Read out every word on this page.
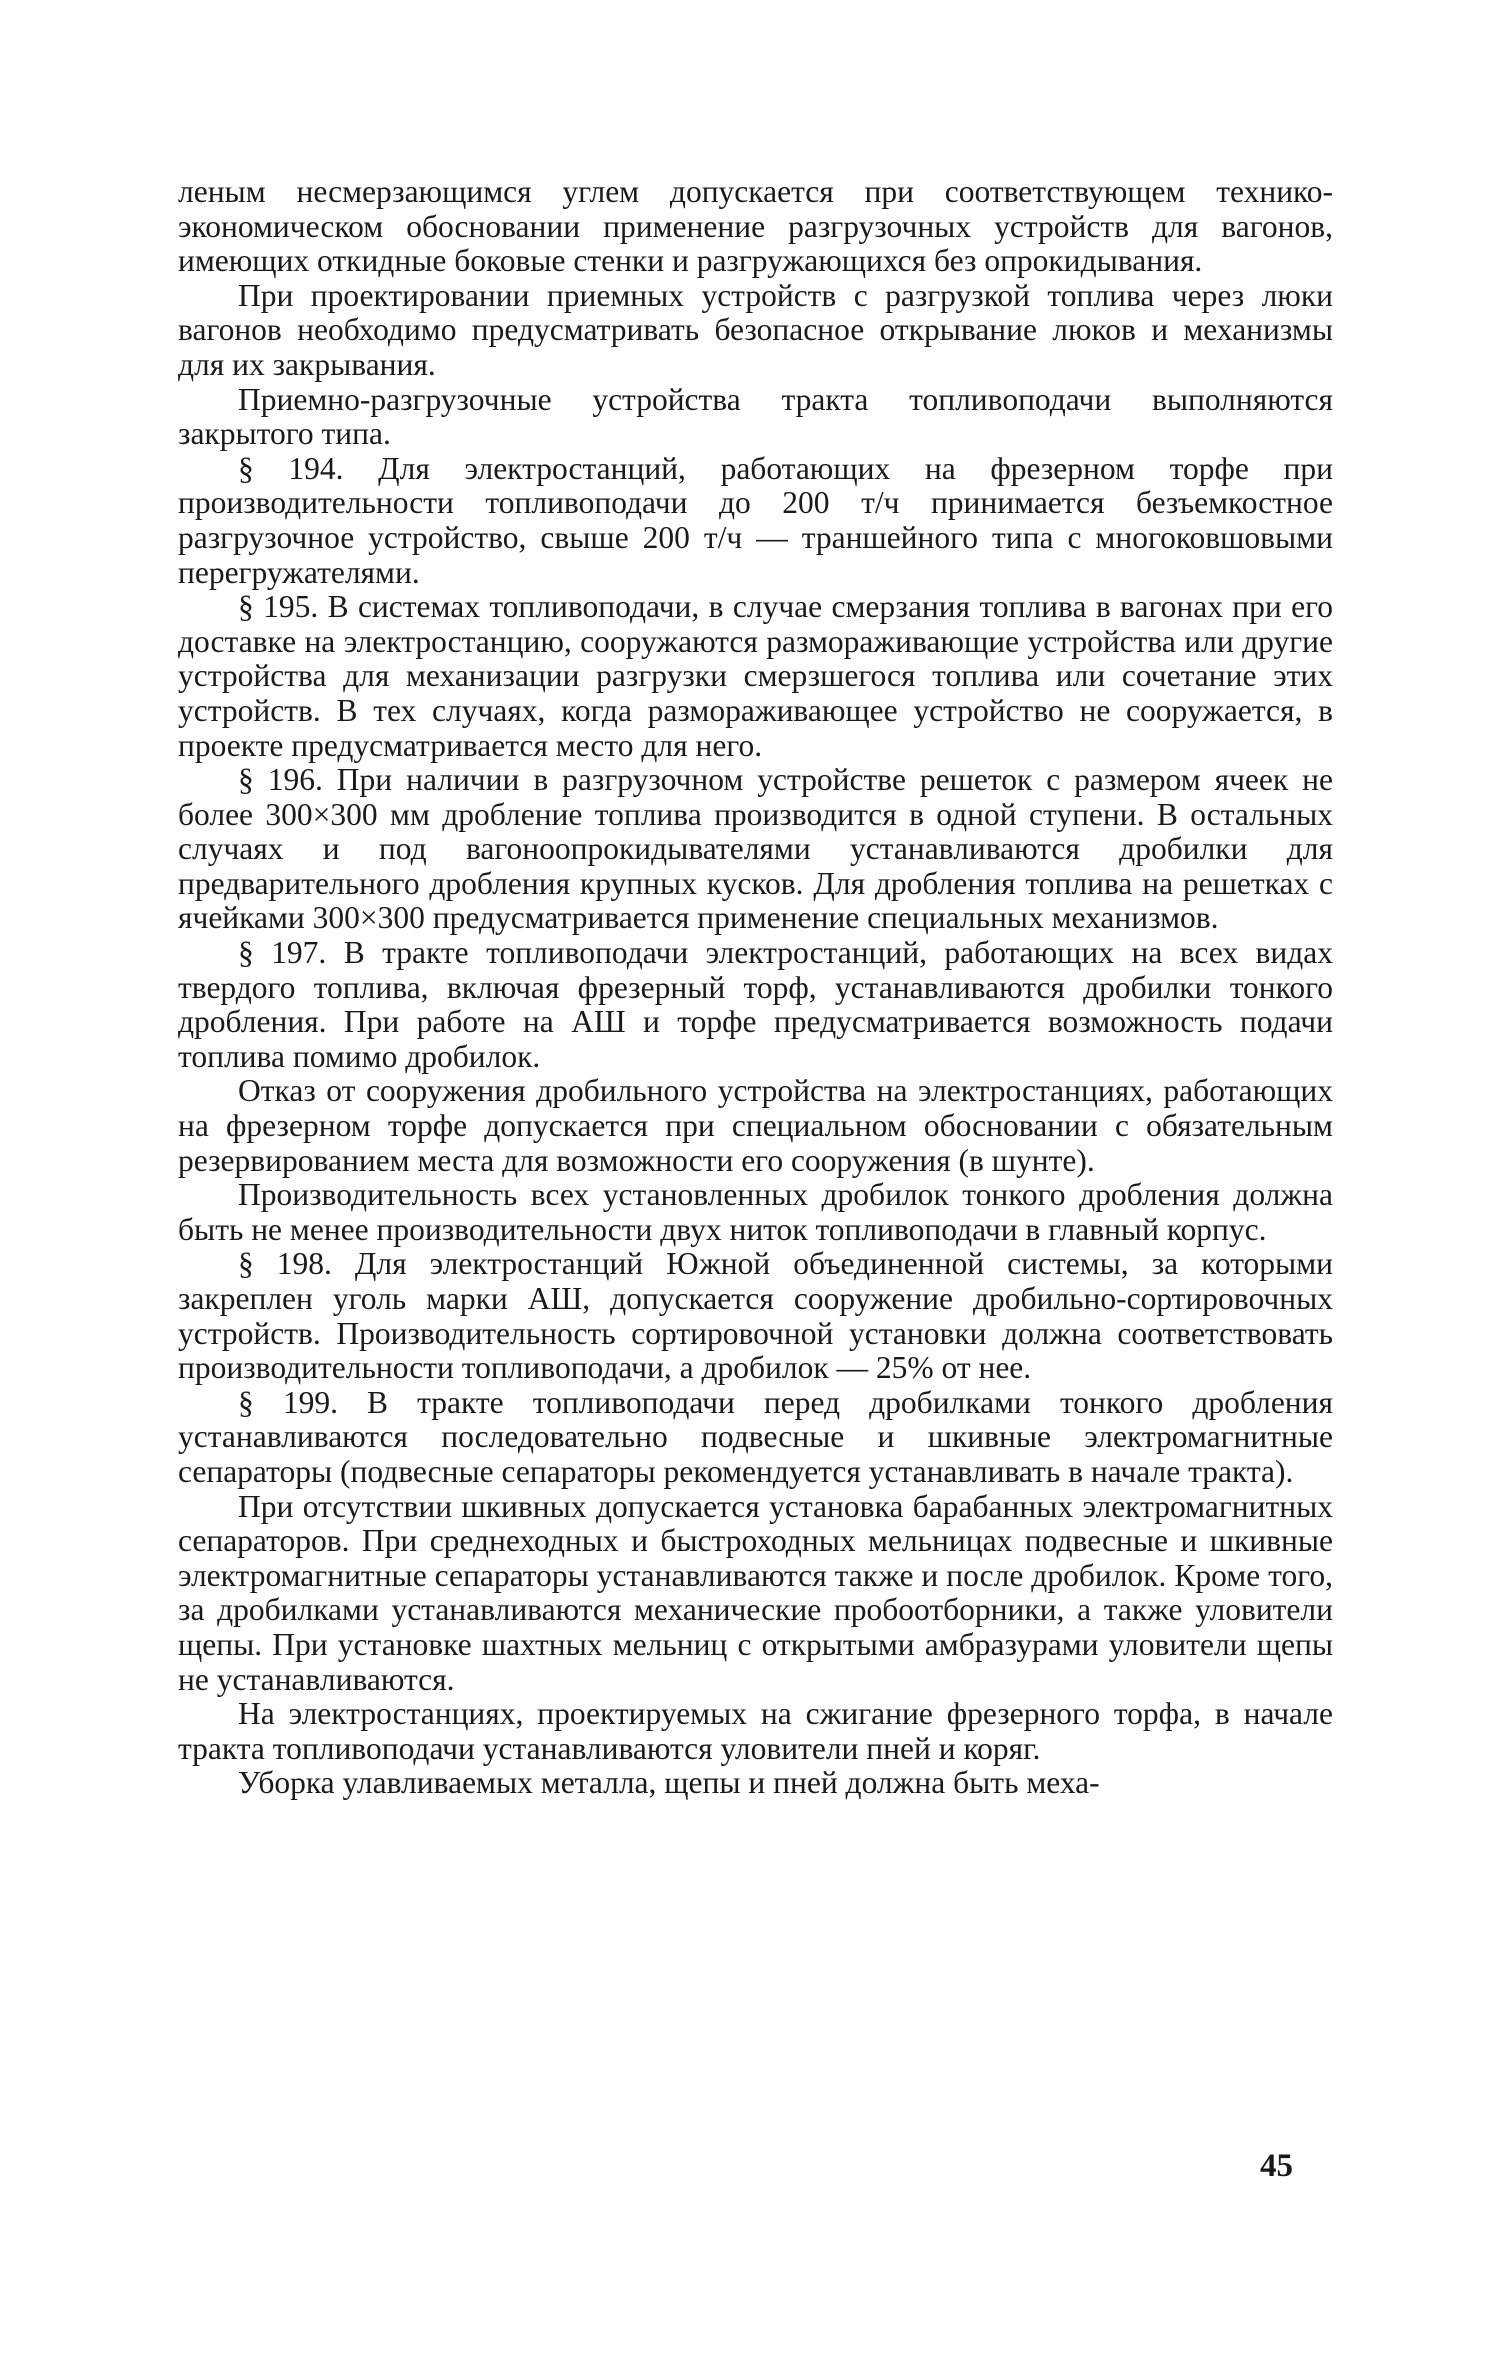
леным несмерзающимся углем допускается при соответствующем технико-экономическом обосновании применение разгрузочных устройств для вагонов, имеющих откидные боковые стенки и разгружающихся без опрокидывания.

При проектировании приемных устройств с разгрузкой топлива через люки вагонов необходимо предусматривать безопасное открывание люков и механизмы для их закрывания.

Приемно-разгрузочные устройства тракта топливоподачи выполняются закрытого типа.

§ 194. Для электростанций, работающих на фрезерном торфе при производительности топливоподачи до 200 т/ч принимается безъемкостное разгрузочное устройство, свыше 200 т/ч — траншейного типа с многоковшовыми перегружателями.

§ 195. В системах топливоподачи, в случае смерзания топлива в вагонах при его доставке на электростанцию, сооружаются размораживающие устройства или другие устройства для механизации разгрузки смерзшегося топлива или сочетание этих устройств. В тех случаях, когда размораживающее устройство не сооружается, в проекте предусматривается место для него.

§ 196. При наличии в разгрузочном устройстве решеток с размером ячеек не более 300×300 мм дробление топлива производится в одной ступени. В остальных случаях и под вагоноопрокидывателями устанавливаются дробилки для предварительного дробления крупных кусков. Для дробления топлива на решетках с ячейками 300×300 предусматривается применение специальных механизмов.

§ 197. В тракте топливоподачи электростанций, работающих на всех видах твердого топлива, включая фрезерный торф, устанавливаются дробилки тонкого дробления. При работе на АШ и торфе предусматривается возможность подачи топлива помимо дробилок.

Отказ от сооружения дробильного устройства на электростанциях, работающих на фрезерном торфе допускается при специальном обосновании с обязательным резервированием места для возможности его сооружения (в шунте).

Производительность всех установленных дробилок тонкого дробления должна быть не менее производительности двух ниток топливоподачи в главный корпус.

§ 198. Для электростанций Южной объединенной системы, за которыми закреплен уголь марки АШ, допускается сооружение дробильно-сортировочных устройств. Производительность сортировочной установки должна соответствовать производительности топливоподачи, а дробилок — 25% от нее.

§ 199. В тракте топливоподачи перед дробилками тонкого дробления устанавливаются последовательно подвесные и шкивные электромагнитные сепараторы (подвесные сепараторы рекомендуется устанавливать в начале тракта).

При отсутствии шкивных допускается установка барабанных электромагнитных сепараторов. При среднеходных и быстроходных мельницах подвесные и шкивные электромагнитные сепараторы устанавливаются также и после дробилок. Кроме того, за дробилками устанавливаются механические пробоотборники, а также уловители щепы. При установке шахтных мельниц с открытыми амбразурами уловители щепы не устанавливаются.

На электростанциях, проектируемых на сжигание фрезерного торфа, в начале тракта топливоподачи устанавливаются уловители пней и коряг.

Уборка улавливаемых металла, щепы и пней должна быть меха-

45
